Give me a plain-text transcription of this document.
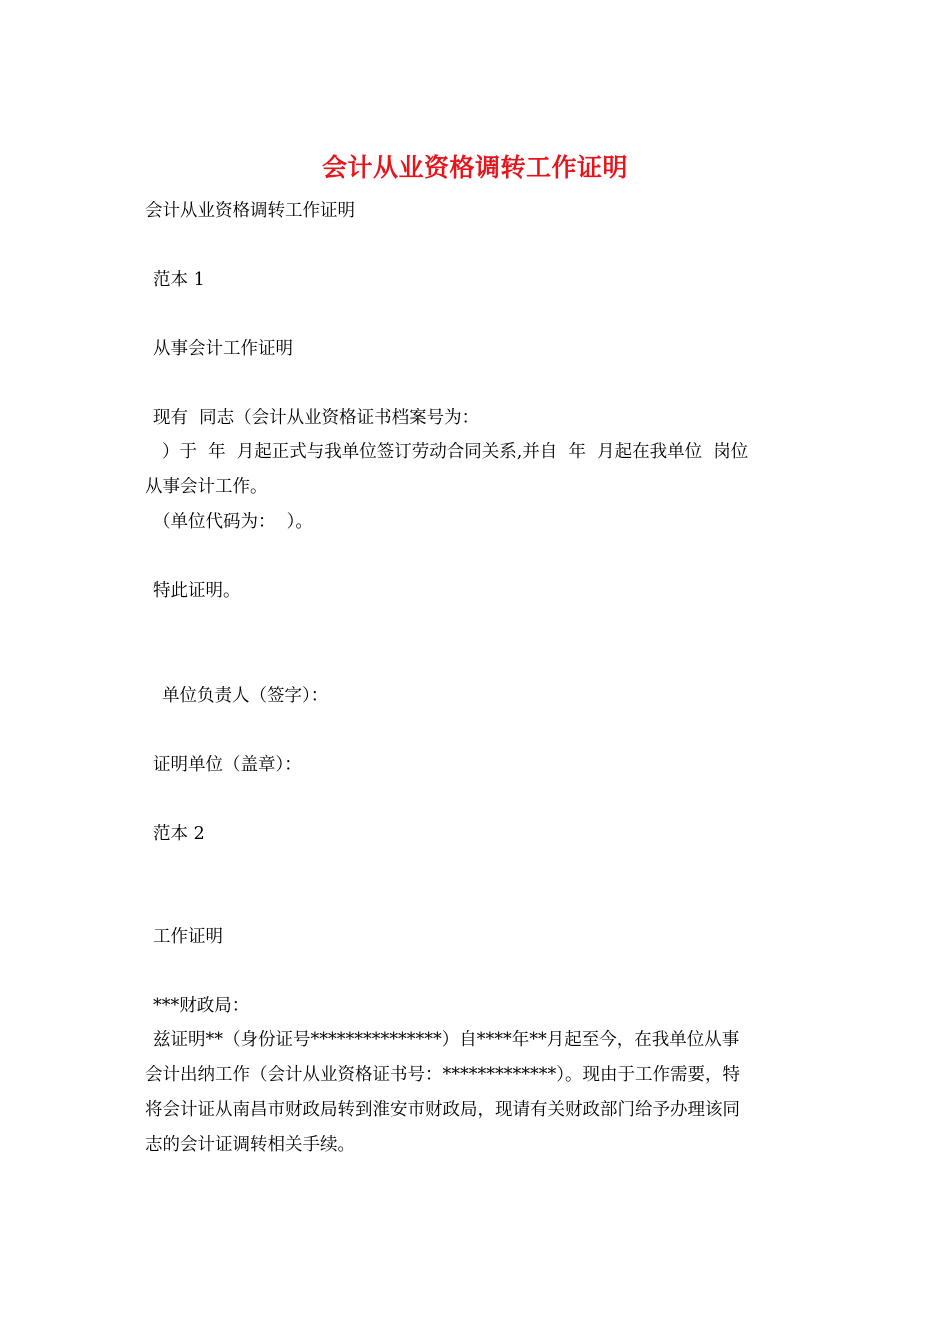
会计从业资格调转工作证明
会计从业资格调转工作证明
范本 1
从事会计工作证明
现有  同志（会计从业资格证书档案号为：
）于  年  月起正式与我单位签订劳动合同关系,并自  年  月起在我单位  岗位
从事会计工作。
（单位代码为：  ）。
特此证明。
单位负责人（签字）：
证明单位（盖章）：
范本 2
工作证明
***财政局：
兹证明**（身份证号***************）自****年**月起至今，在我单位从事
会计出纳工作（会计从业资格证书号：*************）。现由于工作需要，特
将会计证从南昌市财政局转到淮安市财政局，现请有关财政部门给予办理该同
志的会计证调转相关手续。
